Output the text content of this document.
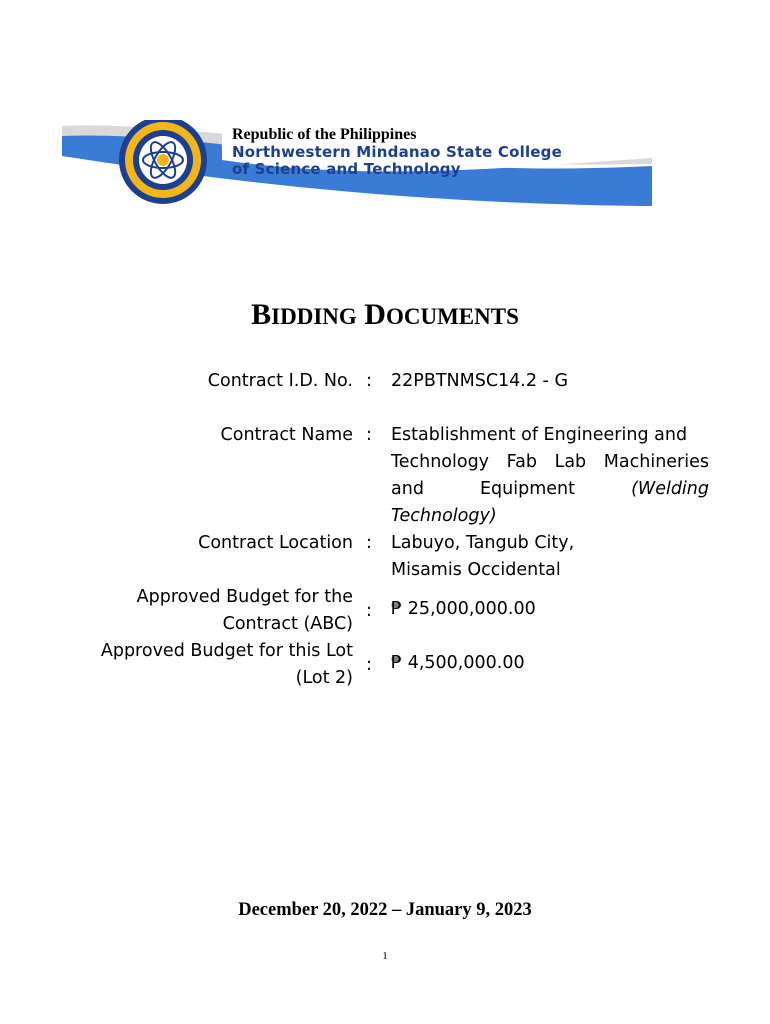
Republic of the Philippines
Northwestern Mindanao State College
of Science and Technology
BIDDING DOCUMENTS
Contract I.D. No. : 22PBTNMSC14.2 - G
Contract Name : Establishment of Engineering and
Technology Fab Lab Machineries
and	Equipment	(Welding
Technology)
Contract Location : Labuyo, Tangub City,
Misamis Occidental
Approved Budget for the
Contract (ABC)
: ₱ 25,000,000.00
Approved Budget for this Lot
(Lot 2)
: ₱ 4,500,000.00
December 20, 2022 – January 9, 2023
1
